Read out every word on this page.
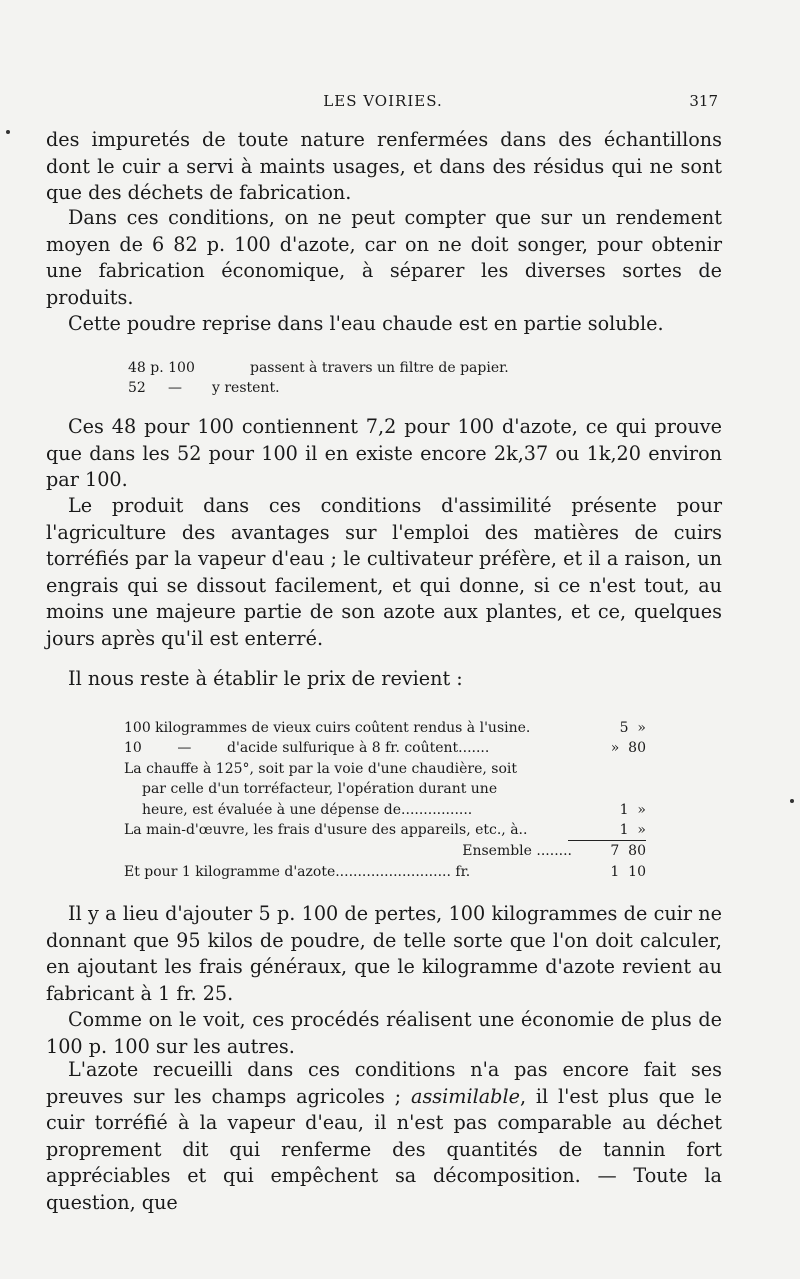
LES VOIRIES.	317

des impuretés de toute nature renfermées dans des échantillons dont le cuir a servi à maints usages, et dans des résidus qui ne sont que des déchets de fabrication.

Dans ces conditions, on ne peut compter que sur un rendement moyen de 6 82 p. 100 d'azote, car on ne doit songer, pour obtenir une fabrication économique, à séparer les diverses sortes de produits.

Cette poudre reprise dans l'eau chaude est en partie soluble.

48 p. 100	passent à travers un filtre de papier.
52 — y restent.

Ces 48 pour 100 contiennent 7,2 pour 100 d'azote, ce qui prouve que dans les 52 pour 100 il en existe encore 2k,37 ou 1k,20 environ par 100.

Le produit dans ces conditions d'assimilité présente pour l'agriculture des avantages sur l'emploi des matières de cuirs torréfiés par la vapeur d'eau ; le cultivateur préfère, et il a raison, un engrais qui se dissout facilement, et qui donne, si ce n'est tout, au moins une majeure partie de son azote aux plantes, et ce, quelques jours après qu'il est enterré.

Il nous reste à établir le prix de revient :

100 kilogrammes de vieux cuirs coûtent rendus à l'usine.	5 »
10        —        d'acide sulfurique à 8 fr. coûtent.......	» 80
La chauffe à 125°, soit par la voie d'une chaudière, soit
par celle d'un torréfacteur, l'opération durant une
heure, est évaluée à une dépense de................	1 »
La main-d'œuvre, les frais d'usure des appareils, etc., à..	1 »
Ensemble ........	7 80
Et pour 1 kilogramme d'azote.......................... fr.	1 10

Il y a lieu d'ajouter 5 p. 100 de pertes, 100 kilogrammes de cuir ne donnant que 95 kilos de poudre, de telle sorte que l'on doit calculer, en ajoutant les frais généraux, que le kilogramme d'azote revient au fabricant à 1 fr. 25.

Comme on le voit, ces procédés réalisent une économie de plus de 100 p. 100 sur les autres.

L'azote recueilli dans ces conditions n'a pas encore fait ses preuves sur les champs agricoles ; assimilable, il l'est plus que le cuir torréfié à la vapeur d'eau, il n'est pas comparable au déchet proprement dit qui renferme des quantités de tannin fort appréciables et qui empêchent sa décomposition. — Toute la question, que
